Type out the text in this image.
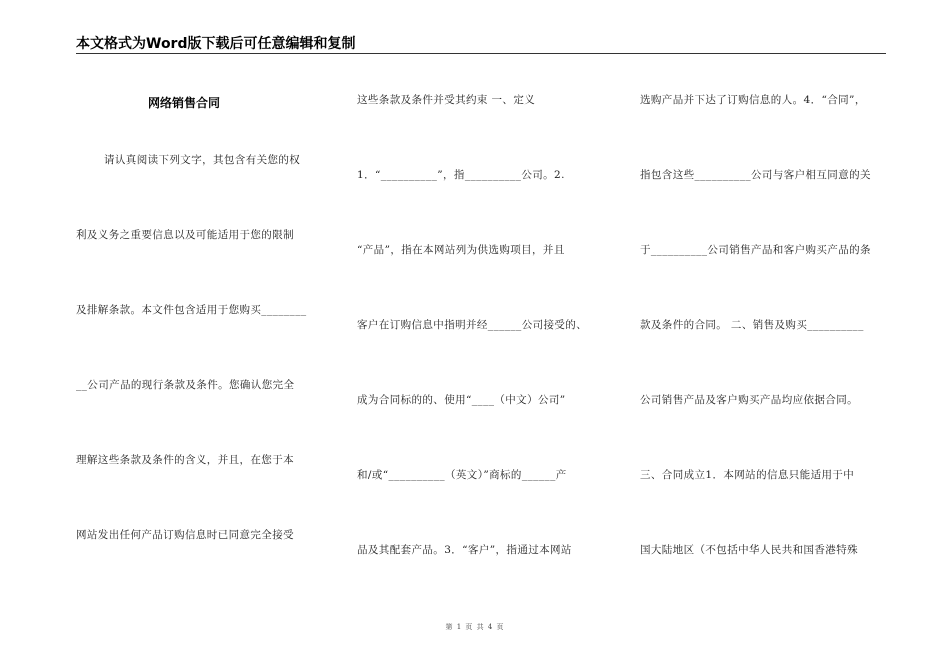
本文格式为Word版下载后可任意编辑和复制
网络销售合同
请认真阅读下列文字，其包含有关您的权
利及义务之重要信息以及可能适用于您的限制
及排解条款。本文件包含适用于您购买________
__公司产品的现行条款及条件。您确认您完全
理解这些条款及条件的含义，并且，在您于本
网站发出任何产品订购信息时已同意完全接受
这些条款及条件并受其约束 一、定义
1．“__________”，指__________公司。2.
“产品”，指在本网站列为供选购项目，并且
客户在订购信息中指明并经______公司接受的、
成为合同标的的、使用“____（中文）公司”
和/或“__________（英文）”商标的______产
品及其配套产品。3．“客户”，指通过本网站
选购产品并下达了订购信息的人。4．“合同”，
指包含这些__________公司与客户相互同意的关
于__________公司销售产品和客户购买产品的条
款及条件的合同。 二、销售及购买__________
公司销售产品及客户购买产品均应依据合同。
三、合同成立1．本网站的信息只能适用于中
国大陆地区（不包括中华人民共和国香港特殊
第 1 页 共 4 页
